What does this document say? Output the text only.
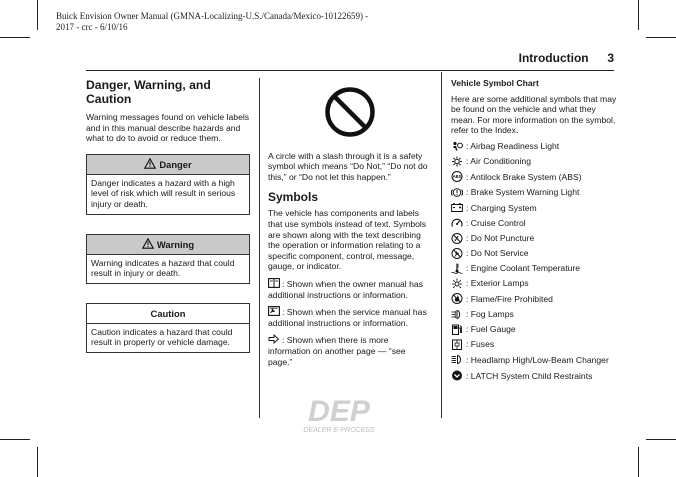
Buick Envision Owner Manual (GMNA-Localizing-U.S./Canada/Mexico-10122659) - 2017 - crc - 6/10/16
Introduction 3
Danger, Warning, and Caution

Warning messages found on vehicle labels and in this manual describe hazards and what to do to avoid or reduce them.

Danger
Danger indicates a hazard with a high level of risk which will result in serious injury or death.
Warning
Warning indicates a hazard that could result in injury or death.
Caution
Caution indicates a hazard that could result in property or vehicle damage.

A circle with a slash through it is a safety symbol which means “Do Not,” “Do not do this,” or “Do not let this happen.”

Symbols

The vehicle has components and labels that use symbols instead of text. Symbols are shown along with the text describing the operation or information relating to a specific component, control, message, gauge, or indicator.

: Shown when the owner manual has additional instructions or information.

: Shown when the service manual has additional instructions or information.

: Shown when there is more information on another page — “see page.”

Vehicle Symbol Chart

Here are some additional symbols that may be found on the vehicle and what they mean. For more information on the symbol, refer to the Index.

: Airbag Readiness Light
: Air Conditioning
ABS : Antilock Brake System (ABS)
: Brake System Warning Light
: Charging System
: Cruise Control
: Do Not Puncture
: Do Not Service
: Engine Coolant Temperature
: Exterior Lamps
: Flame/Fire Prohibited
: Fog Lamps
: Fuel Gauge
: Fuses
: Headlamp High/Low-Beam Changer
: LATCH System Child Restraints
DEP
DEALER E-PROCESS
